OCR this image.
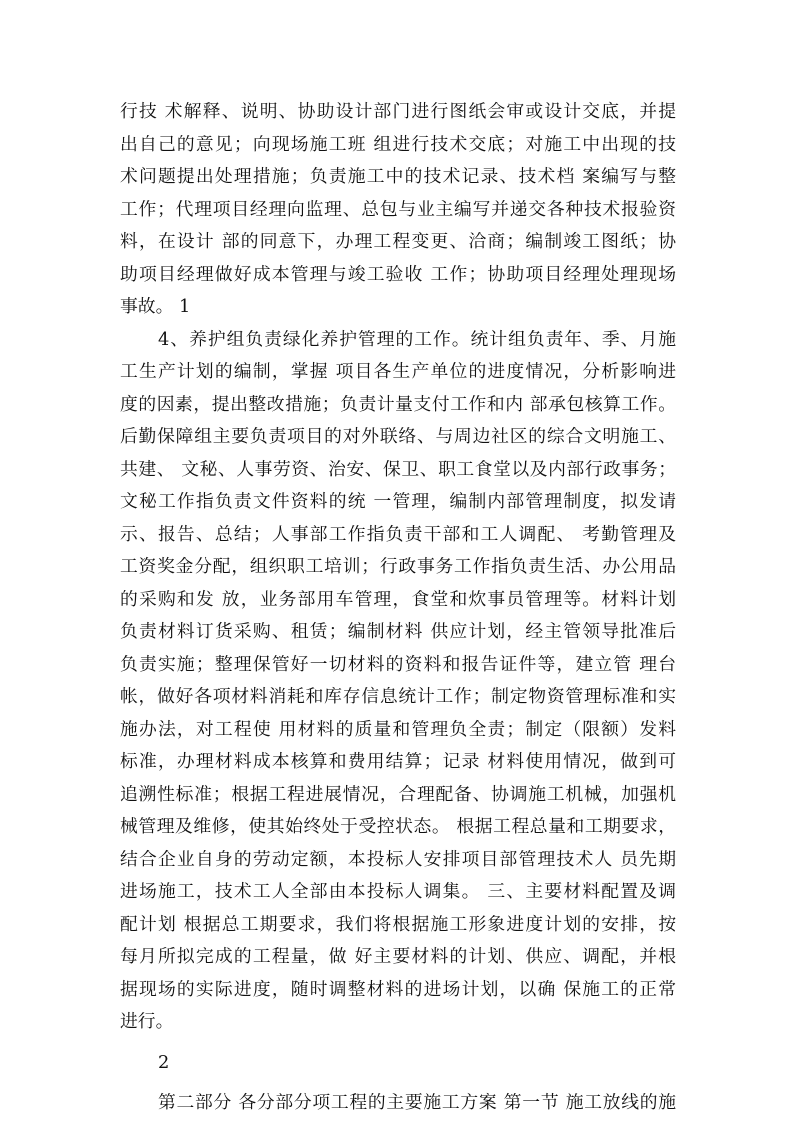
行技 术解释、说明、协助设计部门进行图纸会审或设计交底，并提
出自己的意见；向现场施工班 组进行技术交底；对施工中出现的技
术问题提出处理措施；负责施工中的技术记录、技术档 案编写与整
工作；代理项目经理向监理、总包与业主编写并递交各种技术报验资
料，在设计 部的同意下，办理工程变更、洽商；编制竣工图纸；协
助项目经理做好成本管理与竣工验收 工作；协助项目经理处理现场
事故。 1
4、养护组负责绿化养护管理的工作。统计组负责年、季、月施
工生产计划的编制，掌握 项目各生产单位的进度情况，分析影响进
度的因素，提出整改措施；负责计量支付工作和内 部承包核算工作。
后勤保障组主要负责项目的对外联络、与周边社区的综合文明施工、
共建、 文秘、人事劳资、治安、保卫、职工食堂以及内部行政事务；
文秘工作指负责文件资料的统 一管理，编制内部管理制度，拟发请
示、报告、总结；人事部工作指负责干部和工人调配、 考勤管理及
工资奖金分配，组织职工培训；行政事务工作指负责生活、办公用品
的采购和发 放，业务部用车管理，食堂和炊事员管理等。材料计划
负责材料订货采购、租赁；编制材料 供应计划，经主管领导批准后
负责实施；整理保管好一切材料的资料和报告证件等，建立管 理台
帐，做好各项材料消耗和库存信息统计工作；制定物资管理标准和实
施办法，对工程使 用材料的质量和管理负全责；制定（限额）发料
标准，办理材料成本核算和费用结算；记录 材料使用情况，做到可
追溯性标准；根据工程进展情况，合理配备、协调施工机械，加强机
械管理及维修，使其始终处于受控状态。 根据工程总量和工期要求，
结合企业自身的劳动定额，本投标人安排项目部管理技术人 员先期
进场施工，技术工人全部由本投标人调集。 三、主要材料配置及调
配计划 根据总工期要求，我们将根据施工形象进度计划的安排，按
每月所拟完成的工程量，做 好主要材料的计划、供应、调配，并根
据现场的实际进度，随时调整材料的进场计划，以确 保施工的正常
进行。
2
第二部分 各分部分项工程的主要施工方案 第一节 施工放线的施
